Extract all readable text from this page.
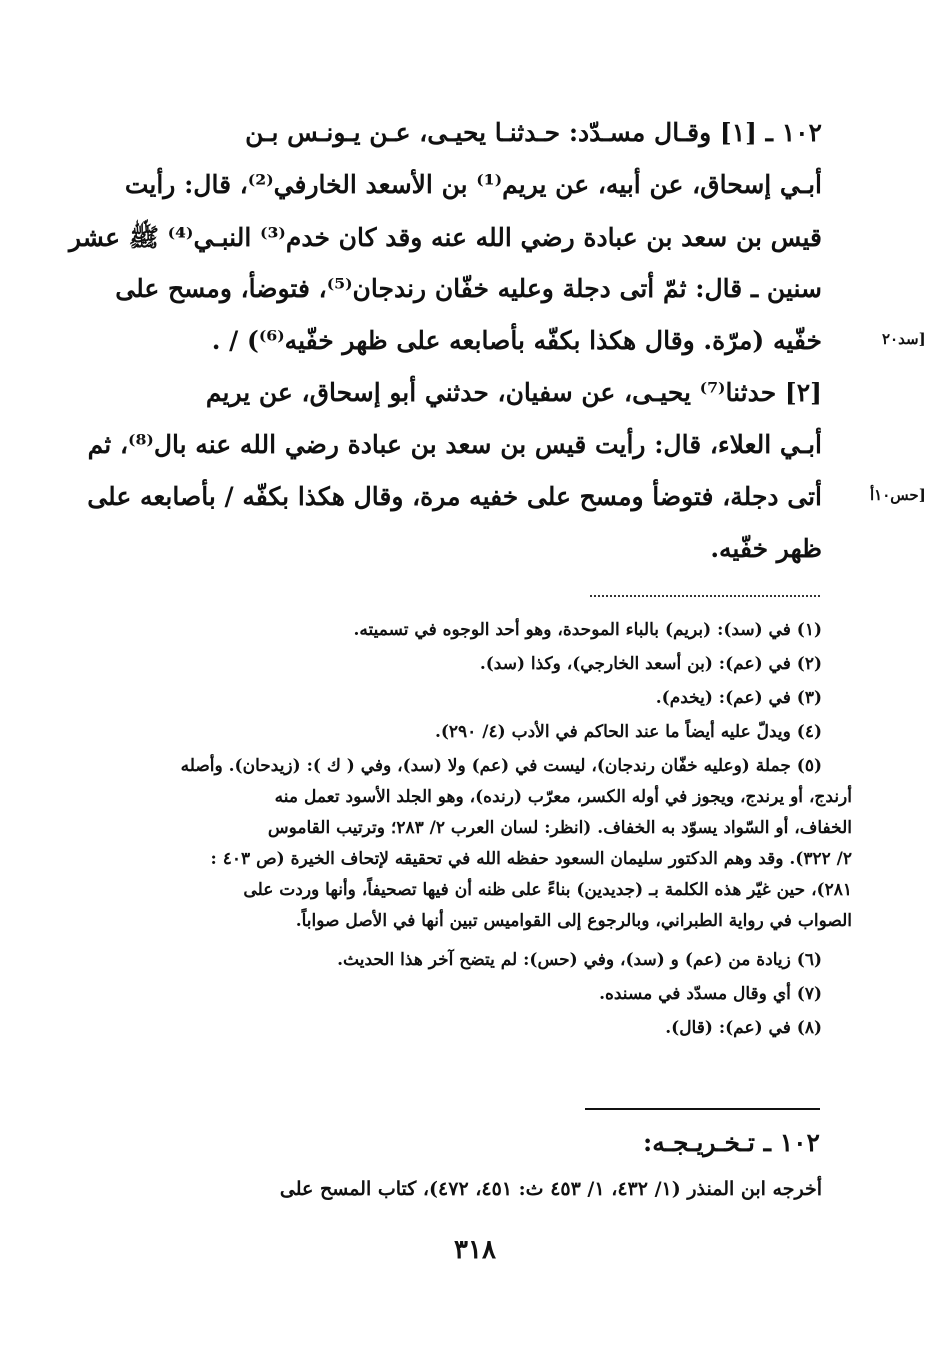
١٠٢ ـ [١] وقـال مسـدّد: حـدثنـا يحيـى، عـن يـونـس بـن
أبـي إسحاق، عن أبيه، عن يريم⁽¹⁾ بن الأسعد الخارفي⁽²⁾، قال: رأيت
قيس بن سعد بن عبادة رضي الله عنه وقد كان خدم⁽³⁾ النبـي⁽⁴⁾ ﷺ عشر
سنين ـ قال: ثمّ أتى دجلة وعليه خفّان رندجان⁽⁵⁾، فتوضأ، ومسح على
خفّيه (مرّة. وقال هكذا بكفّه بأصابعه على ظهر خفّيه⁽⁶⁾) / .	[سد٢٠
[٢] حدثنا⁽⁷⁾ يحيـى، عن سفيان، حدثني أبو إسحاق، عن يريم
أبـي العلاء، قال: رأيت قيس بن سعد بن عبادة رضي الله عنه بال⁽⁸⁾، ثم
أتى دجلة، فتوضأ ومسح على خفيه مرة، وقال هكذا بكفّه / بأصابعه على
ظهر خفّيه.
[حس١٠أ
(١) في (سد): (بريم) بالباء الموحدة، وهو أحد الوجوه في تسميته.
(٢) في (عم): (بن أسعد الخارجي)، وكذا (سد).
(٣) في (عم): (يخدم).
(٤) ويدلّ عليه أيضاً ما عند الحاكم في الأدب (٤/ ٢٩٠).
(٥) جملة (وعليه خفّان رندجان)، ليست في (عم) ولا (سد)، وفي ( ك ): (زيدحان). وأصله
أرندج، أو يرندج، ويجوز في أوله الكسر، معرّب (رنده)، وهو الجلد الأسود تعمل منه
الخفاف، أو السّواد يسوّد به الخفاف. (انظر: لسان العرب ٢/ ٢٨٣؛ وترتيب القاموس
٢/ ٣٢٢). وقد وهم الدكتور سليمان السعود حفظه الله في تحقيقه لإتحاف الخيرة (ص ٤٠٣ :
٢٨١)، حين غيّر هذه الكلمة بـ (جديدين) بناءً على ظنه أن فيها تصحيفاً، وأنها وردت على
الصواب في رواية الطبراني، وبالرجوع إلى القواميس تبين أنها في الأصل صواباً.
(٦) زيادة من (عم) و (سد)، وفي (حس): لم يتضح آخر هذا الحديث.
(٧) أي وقال مسدّد في مسنده.
(٨) في (عم): (قال).
١٠٢ ـ تـخـريـجـه:
أخرجه ابن المنذر (١/ ٤٣٢، ١/ ٤٥٣ ث: ٤٥١، ٤٧٢)، كتاب المسح على
٣١٨
